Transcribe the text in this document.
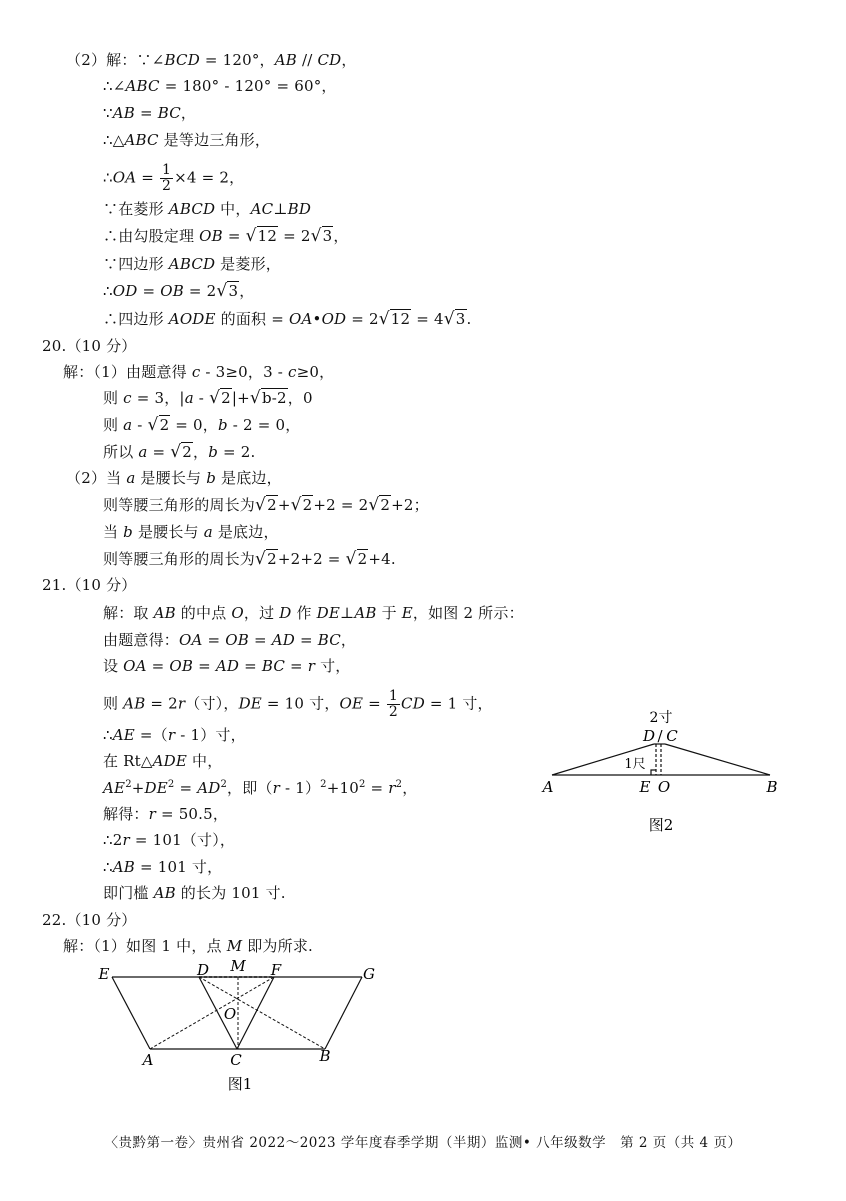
（2）解：∵∠BCD = 120°，AB // CD，
∴∠ABC = 180° - 120° = 60°，
∵AB = BC，
∴△ABC 是等边三角形，
∴OA = $\frac{1}{2} \times 4 = 2$，
∵在菱形 ABCD 中，AC⊥BD
∴由勾股定理 OB = √12 = 2√3，
∵四边形 ABCD 是菱形，
∴OD = OB = 2√3，
∴四边形 AODE 的面积 = OA•OD = 2√12 = 4√3.
20.（10 分）
解：（1）由题意得 c - 3≥0，3 - c≥0，
则 c = 3，|a - √2|+√b-2，0
则 a - √2 = 0，b - 2 = 0，
所以 a = √2，b = 2.
（2）当 a 是腰长与 b 是底边，
则等腰三角形的周长为√2+√2+2 = 2√2+2；
当 b 是腰长与 a 是底边，
则等腰三角形的周长为√2+2+2 = √2+4.
21.（10 分）
解：取 AB 的中点 O，过 D 作 DE⊥AB 于 E，如图 2 所示：
由题意得：OA = OB = AD = BC，
设 OA = OB = AD = BC = r 寸，
则 AB = 2r（寸），DE = 10 寸，OE = $\frac{1}{2}$ CD = 1 寸，
∴AE =（r - 1）寸，
在 Rt△ADE 中，
$AE^2+DE^2 = AD^2$，即$(r - 1)^2+10^2 = r^2$，
解得：r = 50.5，
∴2r = 101（寸），
∴AB = 101 寸，
即门槛 AB 的长为 101 寸.
2寸
D / C
1尺
A	E O	B
图2
22.（10 分）
解：（1）如图 1 中，点 M 即为所求.
E	D M F	G
O
A	C	B
图1
〈贵黔第一卷〉贵州省 2022～2023 学年度春季学期（半期）监测• 八年级数学　第 2 页（共 4 页）
